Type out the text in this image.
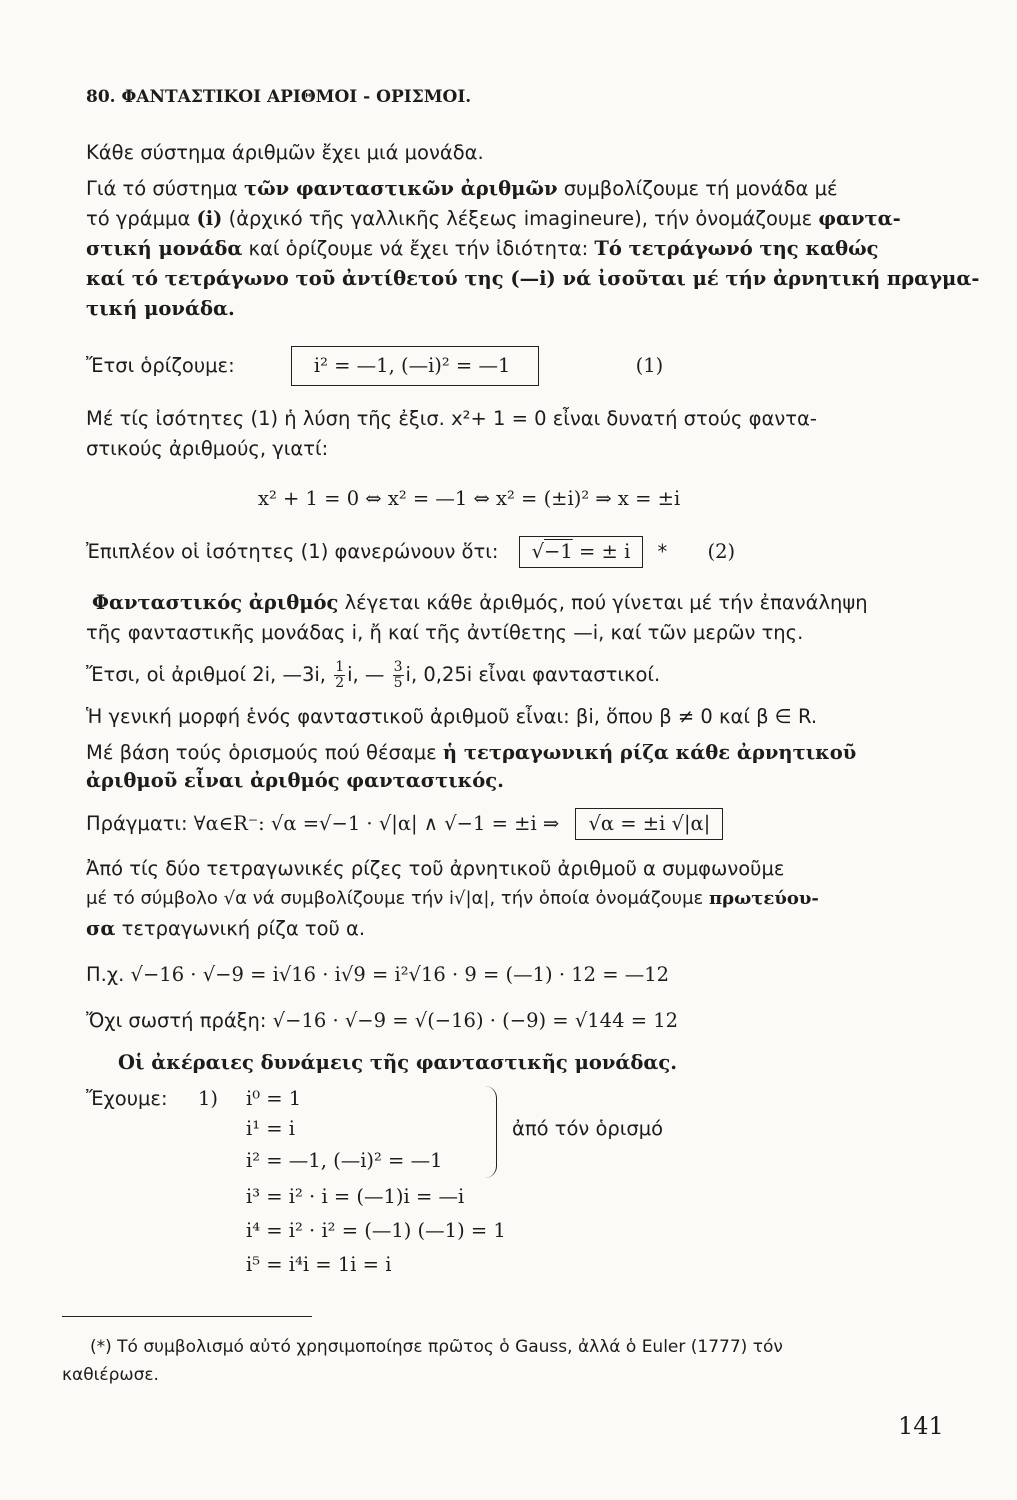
80. ΦΑΝΤΑΣΤΙΚΟΙ ΑΡΙΘΜΟΙ - ΟΡΙΣΜΟΙ.
Κάθε σύστημα άριθμῶν ἔχει μιά μονάδα.
Γιά τό σύστημα τῶν φανταστικῶν ἀριθμῶν συμβολίζουμε τή μονάδα μέ
τό γράμμα (i) (ἀρχικό τῆς γαλλικῆς λέξεως imagineure), τήν ὀνομάζουμε φαντα-
στική μονάδα καί ὁρίζουμε νά ἔχει τήν ἰδιότητα: Τό τετράγωνό της καθώς
καί τό τετράγωνο τοῦ ἀντίθετού της (—i) νά ἰσοῦται μέ τήν ἀρνητική πραγμα-
τική μονάδα.
Ἔτσι ὁρίζουμε:	i² = —1, (—i)² = —1	(1)
Μέ τίς ἰσότητες (1) ἡ λύση τῆς ἐξισ. x²+ 1 = 0 εἶναι δυνατή στούς φαντα-
στικούς ἀριθμούς, γιατί:
x² + 1 = 0 ⇔ x² = —1 ⇔ x² = (±i)² ⇒ x = ±i
Ἐπιπλέον οἱ ἰσότητες (1) φανερώνουν ὅτι: √−1 = ± i * (2)
Φανταστικός ἀριθμός λέγεται κάθε ἀριθμός, πού γίνεται μέ τήν ἐπανάληψη
τῆς φανταστικῆς μονάδας i, ἤ καί τῆς ἀντίθετης —i, καί τῶν μερῶν της.
Ἔτσι, οἱ ἀριθμοί 2i, —3i, $\frac{1}{2} i$, — $\frac{3}{5} i$, 0,25i εἶναι φανταστικοί.
Ἡ γενική μορφή ἑνός φανταστικοῦ ἀριθμοῦ εἶναι: βi, ὅπου β ≠ 0 καί β ∈ R.
Μέ βάση τούς ὁρισμούς πού θέσαμε ἡ τετραγωνική ρίζα κάθε ἀρνητικοῦ
ἀριθμοῦ εἶναι ἀριθμός φανταστικός.
Πράγματι: ∀α∈R⁻: √α =√−1 · √|α| ∧ √−1 = ±i ⇒ √α = ±i √|α|
Ἀπό τίς δύο τετραγωνικές ρίζες τοῦ ἀρνητικοῦ ἀριθμοῦ α συμφωνοῦμε
μέ τό σύμβολο √α νά συμβολίζουμε τήν i√|α|, τήν ὁποία ὀνομάζουμε πρωτεύου-
σα τετραγωνική ρίζα τοῦ α.
Π.χ. √−16 · √−9 = i√16 · i√9 = i²√16 · 9 = (—1) · 12 = —12
Ὄχι σωστή πράξη: √−16 · √−9 = √(−16) · (−9) = √144 = 12
Οἱ ἀκέραιες δυνάμεις τῆς φανταστικῆς μονάδας.
Ἔχουμε: 1) i⁰ = 1
i¹ = i
i² = —1, (—i)² = —1
ἀπό τόν ὁρισμό
i³ = i² · i = (—1)i = —i
i⁴ = i² · i² = (—1) (—1) = 1
i⁵ = i⁴i = 1i = i
(*) Τό συμβολισμό αὐτό χρησιμοποίησε πρῶτος ὁ Gauss, ἀλλά ὁ Euler (1777) τόν
καθιέρωσε.
141
